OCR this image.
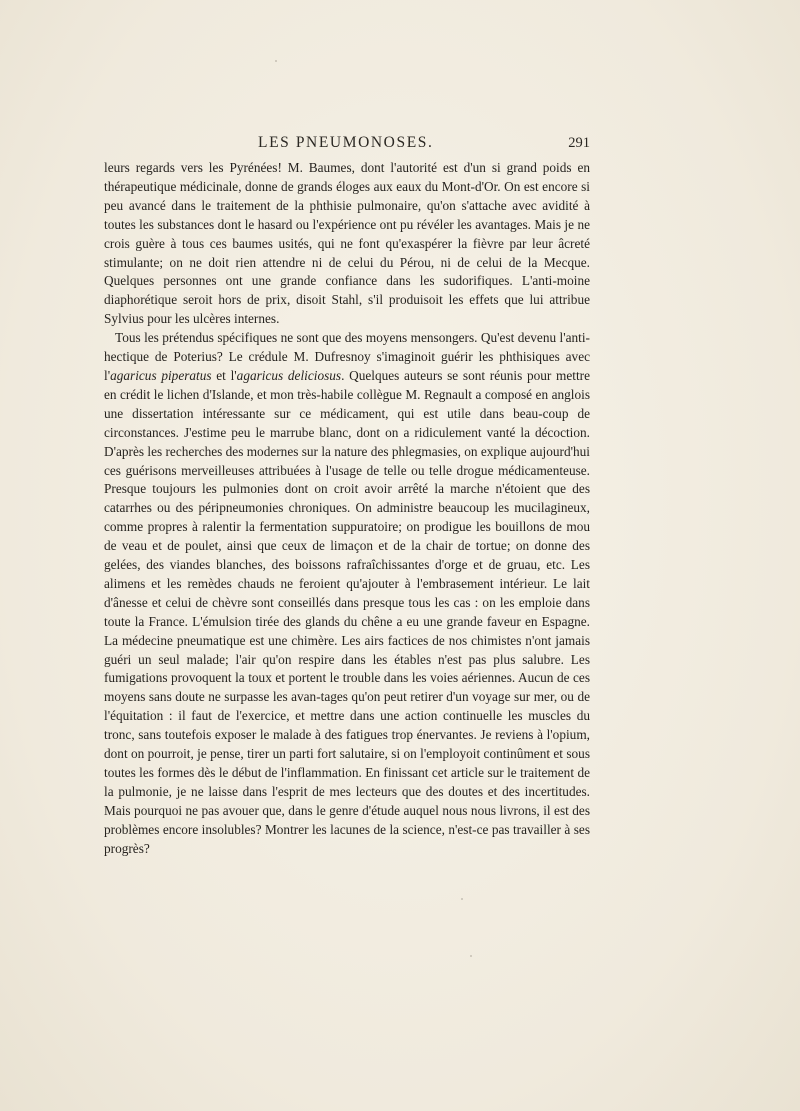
LES PNEUMONOSES.	291

leurs regards vers les Pyrénées! M. Baumes, dont l'autorité est d'un si grand poids en thérapeutique médicinale, donne de grands éloges aux eaux du Mont-d'Or. On est encore si peu avancé dans le traitement de la phthisie pulmonaire, qu'on s'attache avec avidité à toutes les substances dont le hasard ou l'expérience ont pu révéler les avantages. Mais je ne crois guère à tous ces baumes usités, qui ne font qu'exaspérer la fièvre par leur âcreté stimulante; on ne doit rien attendre ni de celui du Pérou, ni de celui de la Mecque. Quelques personnes ont une grande confiance dans les sudorifiques. L'anti-moine diaphorétique seroit hors de prix, disoit Stahl, s'il produisoit les effets que lui attribue Sylvius pour les ulcères internes.

Tous les prétendus spécifiques ne sont que des moyens mensongers. Qu'est devenu l'anti-hectique de Poterius? Le crédule M. Dufresnoy s'imaginoit guérir les phthisiques avec l'agaricus piperatus et l'agaricus deliciosus. Quelques auteurs se sont réunis pour mettre en crédit le lichen d'Islande, et mon très-habile collègue M. Regnault a composé en anglois une dissertation intéressante sur ce médicament, qui est utile dans beau-coup de circonstances. J'estime peu le marrube blanc, dont on a ridiculement vanté la décoction. D'après les recherches des modernes sur la nature des phlegmasies, on explique aujourd'hui ces guérisons merveilleuses attribuées à l'usage de telle ou telle drogue médicamenteuse. Presque toujours les pulmonies dont on croit avoir arrêté la marche n'étoient que des catarrhes ou des péripneumonies chroniques. On administre beaucoup les mucilagineux, comme propres à ralentir la fermentation suppuratoire; on prodigue les bouillons de mou de veau et de poulet, ainsi que ceux de limaçon et de la chair de tortue; on donne des gelées, des viandes blanches, des boissons rafraîchissantes d'orge et de gruau, etc. Les alimens et les remèdes chauds ne feroient qu'ajouter à l'embrasement intérieur. Le lait d'ânesse et celui de chèvre sont conseillés dans presque tous les cas : on les emploie dans toute la France. L'émulsion tirée des glands du chêne a eu une grande faveur en Espagne. La médecine pneumatique est une chimère. Les airs factices de nos chimistes n'ont jamais guéri un seul malade; l'air qu'on respire dans les étables n'est pas plus salubre. Les fumigations provoquent la toux et portent le trouble dans les voies aériennes. Aucun de ces moyens sans doute ne surpasse les avan-tages qu'on peut retirer d'un voyage sur mer, ou de l'équitation : il faut de l'exercice, et mettre dans une action continuelle les muscles du tronc, sans toutefois exposer le malade à des fatigues trop énervantes. Je reviens à l'opium, dont on pourroit, je pense, tirer un parti fort salutaire, si on l'employoit continûment et sous toutes les formes dès le début de l'inflammation. En finissant cet article sur le traitement de la pulmonie, je ne laisse dans l'esprit de mes lecteurs que des doutes et des incertitudes. Mais pourquoi ne pas avouer que, dans le genre d'étude auquel nous nous livrons, il est des problèmes encore insolubles? Montrer les lacunes de la science, n'est-ce pas travailler à ses progrès?
